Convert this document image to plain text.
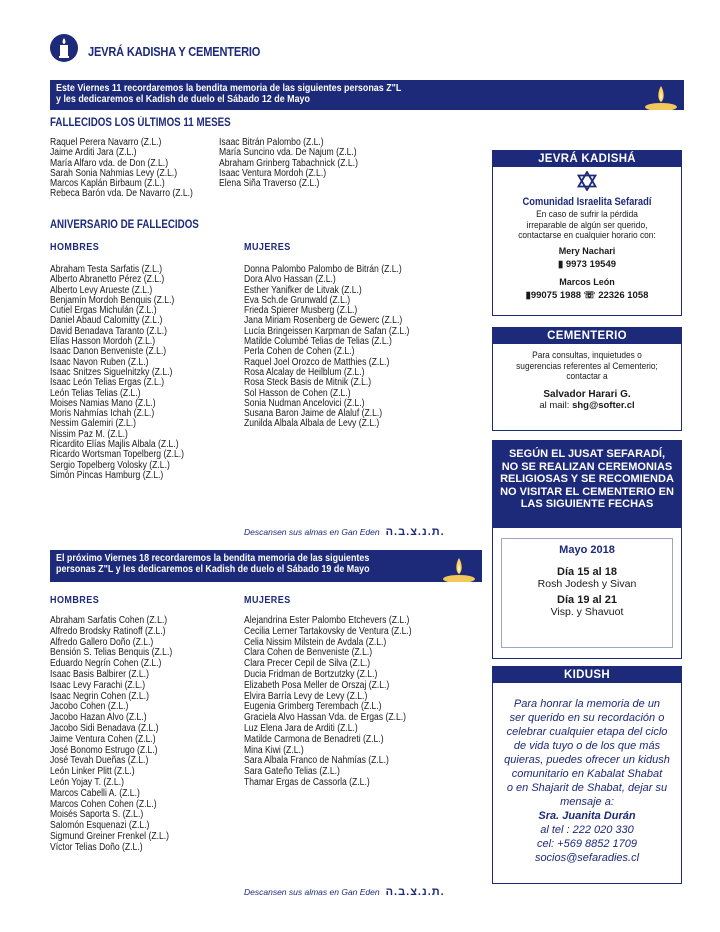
JEVRÁ KADISHA Y CEMENTERIO
Este Viernes 11 recordaremos la bendita memoria de las siguientes personas Z"L
y les dedicaremos el Kadish de duelo el Sábado 12 de Mayo
FALLECIDOS LOS ÚLTIMOS 11 MESES
Raquel Perera Navarro (Z.L.)
Jaime Arditi Jara (Z.L.)
María Alfaro vda. de Don (Z.L.)
Sarah Sonia Nahmias Levy (Z.L.)
Marcos Kaplán Birbaum (Z.L.)
Rebeca Barón vda. De Navarro (Z.L.)
Isaac Bitrán Palombo (Z.L.)
María Suncino vda. De Najum (Z.L.)
Abraham Grinberg Tabachnick (Z.L.)
Isaac Ventura Mordoh (Z.L.)
Elena Siña Traverso (Z.L.)
ANIVERSARIO DE FALLECIDOS
HOMBRES	MUJERES
Abraham Testa Sarfatis (Z.L.)
Alberto Abranetto Pérez (Z.L.)
Alberto Levy Arueste (Z.L.)
Benjamín Mordoh Benquis (Z.L.)
Cutiel Ergas Michulán (Z.L.)
Daniel Abaud Calomitty (Z.L.)
David Benadava Taranto (Z.L.)
Elías Hasson Mordoh (Z.L.)
Isaac Danon Benveniste (Z.L.)
Isaac Navon Ruben (Z.L.)
Isaac Snitzes Siguelnitzky (Z.L.)
Isaac León Telias Ergas (Z.L.)
León Telias Telias (Z.L.)
Moises Namias Mano (Z.L.)
Moris Nahmías Ichah (Z.L.)
Nessim Galemiri (Z.L.)
Nissim Paz M. (Z.L.)
Ricardito Elías Majlis Albala (Z.L.)
Ricardo Wortsman Topelberg (Z.L.)
Sergio Topelberg Volosky (Z.L.)
Simón Pincas Hamburg (Z.L.)
Donna Palombo Palombo de Bitrán (Z.L.)
Dora Alvo Hassan (Z.L.)
Esther Yanifker de Litvak (Z.L.)
Eva Sch.de Grunwald (Z.L.)
Frieda Spierer Musberg (Z.L.)
Jana Miriam Rosenberg de Gewerc (Z.L.)
Lucía Bringeissen Karpman de Safan (Z.L.)
Matilde Columbé Telias de Telias (Z.L.)
Perla Cohen de Cohen (Z.L.)
Raquel Joel Orozco de Matthies (Z.L.)
Rosa Alcalay de Heilblum (Z.L.)
Rosa Steck Basis de Mitnik (Z.L.)
Sol Hasson de Cohen (Z.L.)
Sonia Nudman Ancelovici (Z.L.)
Susana Baron Jaime de Alaluf (Z.L.)
Zunilda Albala Albala de Levy (Z.L.)
Descansen sus almas en Gan Eden ת.נ.צ.ב.ה.
El próximo Viernes 18 recordaremos la bendita memoria de las siguientes
personas Z"L y les dedicaremos el Kadish de duelo el Sábado 19 de Mayo
HOMBRES	MUJERES
Abraham Sarfatis Cohen (Z.L.)
Alfredo Brodsky Ratinoff (Z.L.)
Alfredo Gallero Doño (Z.L.)
Bensión S. Telias Benquis (Z.L.)
Eduardo Negrín Cohen (Z.L.)
Isaac Basis Balbirer (Z.L.)
Isaac Levy Farachi (Z.L.)
Isaac Negrin Cohen (Z.L.)
Jacobo Cohen (Z.L.)
Jacobo Hazan Alvo (Z.L.)
Jacobo Sidi Benadava (Z.L.)
Jaime Ventura Cohen (Z.L.)
José Bonomo Estrugo (Z.L.)
José Tevah Dueñas (Z.L.)
León Linker Plitt (Z.L.)
León Yojay T. (Z.L.)
Marcos Cabelli A. (Z.L.)
Marcos Cohen Cohen (Z.L.)
Moisés Saporta S. (Z.L.)
Salomón Esquenazi (Z.L.)
Sigmund Greiner Frenkel (Z.L.)
Víctor Telias Doño (Z.L.)
Alejandrina Ester Palombo Etchevers (Z.L.)
Cecilia Lerner Tartakovsky de Ventura (Z.L.)
Celia Nissim Milstein de Avdala (Z.L.)
Clara Cohen de Benveniste (Z.L.)
Clara Precer Cepil de Silva (Z.L.)
Ducia Fridman de Bortzutzky (Z.L.)
Elizabeth Posa Meller de Orszaj (Z.L.)
Elvira Barría Levy de Levy (Z.L.)
Eugenia Grimberg Terembach (Z.L.)
Graciela Alvo Hassan Vda. de Ergas (Z.L.)
Luz Elena Jara de Arditi (Z.L.)
Matilde Carmona de Benadreti (Z.L.)
Mina Kiwi (Z.L.)
Sara Albala Franco de Nahmías (Z.L.)
Sara Gateño Telias (Z.L.)
Thamar Ergas de Cassorla (Z.L.)
Descansen sus almas en Gan Eden ת.נ.צ.ב.ה.
JEVRÁ KADISHÁ
Comunidad Israelita Sefaradí
En caso de sufrir la pérdida
irreparable de algún ser querido,
contactarse en cualquier horario con:
Mery Nachari
▮ 9973 19549
Marcos León
▮99075 1988 ☏ 22326 1058
CEMENTERIO
Para consultas, inquietudes o
sugerencias referentes al Cementerio;
contactar a
Salvador Harari G.
al mail: shg@softer.cl
SEGÚN EL JUSAT SEFARADÍ,
NO SE REALIZAN CEREMONIAS
RELIGIOSAS Y SE RECOMIENDA
NO VISITAR EL CEMENTERIO EN
LAS SIGUIENTE FECHAS
Mayo 2018
Día 15 al 18
Rosh Jodesh y Sivan
Día 19 al 21
Visp. y Shavuot
KIDUSH
Para honrar la memoria de un
ser querido en su recordación o
celebrar cualquier etapa del ciclo
de vida tuyo o de los que más
quieras, puedes ofrecer un kidush
comunitario en Kabalat Shabat
o en Shajarit de Shabat, dejar su
mensaje a:
Sra. Juanita Durán
al tel : 222 020 330
cel: +569 8852 1709
socios@sefaradies.cl
